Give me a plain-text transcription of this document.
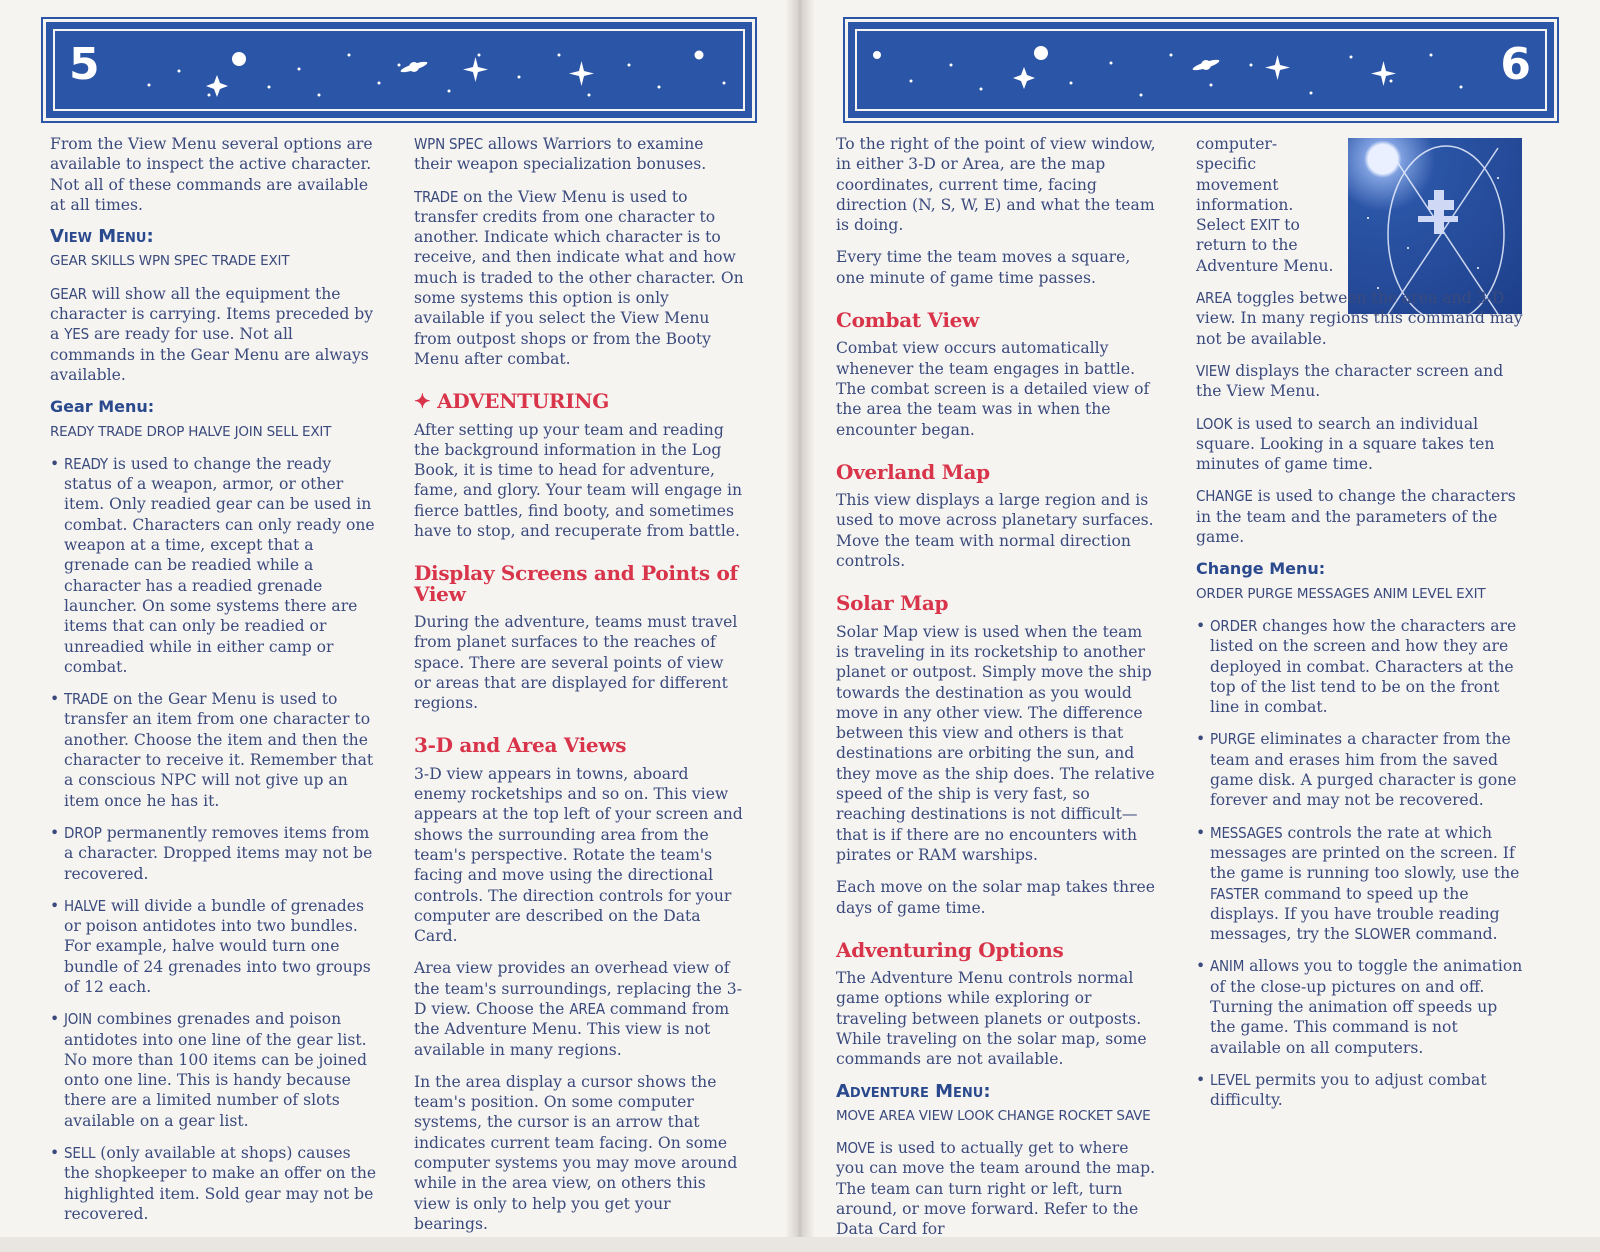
5	6

From the View Menu several options are available to inspect the active character. Not all of these commands are available at all times.

View Menu:
GEAR SKILLS WPN SPEC TRADE EXIT

GEAR will show all the equipment the character is carrying. Items preceded by a YES are ready for use. Not all commands in the Gear Menu are always available.

Gear Menu:
READY TRADE DROP HALVE JOIN SELL EXIT
• READY is used to change the ready status of a weapon, armor, or other item. Only readied gear can be used in combat. Characters can only ready one weapon at a time, except that a grenade can be readied while a character has a readied grenade launcher. On some systems there are items that can only be readied or unreadied while in either camp or combat.
• TRADE on the Gear Menu is used to transfer an item from one character to another. Choose the item and then the character to receive it. Remember that a conscious NPC will not give up an item once he has it.
• DROP permanently removes items from a character. Dropped items may not be recovered.
• HALVE will divide a bundle of grenades or poison antidotes into two bundles. For example, halve would turn one bundle of 24 grenades into two groups of 12 each.
• JOIN combines grenades and poison antidotes into one line of the gear list. No more than 100 items can be joined onto one line. This is handy because there are a limited number of slots available on a gear list.
• SELL (only available at shops) causes the shopkeeper to make an offer on the highlighted item. Sold gear may not be recovered.

WPN SPEC allows Warriors to examine their weapon specialization bonuses.

TRADE on the View Menu is used to transfer credits from one character to another. Indicate which character is to receive, and then indicate what and how much is traded to the other character. On some systems this option is only available if you select the View Menu from outpost shops or from the Booty Menu after combat.

✦ ADVENTURING

After setting up your team and reading the background information in the Log Book, it is time to head for adventure, fame, and glory. Your team will engage in fierce battles, find booty, and sometimes have to stop, and recuperate from battle.

Display Screens and Points of View

During the adventure, teams must travel from planet surfaces to the reaches of space. There are several points of view or areas that are displayed for different regions.

3-D and Area Views

3-D view appears in towns, aboard enemy rocketships and so on. This view appears at the top left of your screen and shows the surrounding area from the team's perspective. Rotate the team's facing and move using the directional controls. The direction controls for your computer are described on the Data Card.

Area view provides an overhead view of the team's surroundings, replacing the 3-D view. Choose the AREA command from the Adventure Menu. This view is not available in many regions.

In the area display a cursor shows the team's position. On some computer systems, the cursor is an arrow that indicates current team facing. On some computer systems you may move around while in the area view, on others this view is only to help you get your bearings.

To the right of the point of view window, in either 3-D or Area, are the map coordinates, current time, facing direction (N, S, W, E) and what the team is doing.

Every time the team moves a square, one minute of game time passes.

Combat View

Combat view occurs automatically whenever the team engages in battle. The combat screen is a detailed view of the area the team was in when the encounter began.

Overland Map

This view displays a large region and is used to move across planetary surfaces. Move the team with normal direction controls.

Solar Map

Solar Map view is used when the team is traveling in its rocketship to another planet or outpost. Simply move the ship towards the destination as you would move in any other view. The difference between this view and others is that destinations are orbiting the sun, and they move as the ship does. The relative speed of the ship is very fast, so reaching destinations is not difficult—that is if there are no encounters with pirates or RAM warships.

Each move on the solar map takes three days of game time.

Adventuring Options

The Adventure Menu controls normal game options while exploring or traveling between planets or outposts. While traveling on the solar map, some commands are not available.

Adventure Menu:
MOVE AREA VIEW LOOK CHANGE ROCKET SAVE

MOVE is used to actually get to where you can move the team around the map. The team can turn right or left, turn around, or move forward. Refer to the Data Card for

computer-specific movement information. Select EXIT to return to the Adventure Menu.

AREA toggles between the area and 3-D view. In many regions this command may not be available.

VIEW displays the character screen and the View Menu.

LOOK is used to search an individual square. Looking in a square takes ten minutes of game time.

CHANGE is used to change the characters in the team and the parameters of the game.

Change Menu:
ORDER PURGE MESSAGES ANIM LEVEL EXIT
• ORDER changes how the characters are listed on the screen and how they are deployed in combat. Characters at the top of the list tend to be on the front line in combat.
• PURGE eliminates a character from the team and erases him from the saved game disk. A purged character is gone forever and may not be recovered.
• MESSAGES controls the rate at which messages are printed on the screen. If the game is running too slowly, use the FASTER command to speed up the displays. If you have trouble reading messages, try the SLOWER command.
• ANIM allows you to toggle the animation of the close-up pictures on and off. Turning the animation off speeds up the game. This command is not available on all computers.
• LEVEL permits you to adjust combat difficulty.
